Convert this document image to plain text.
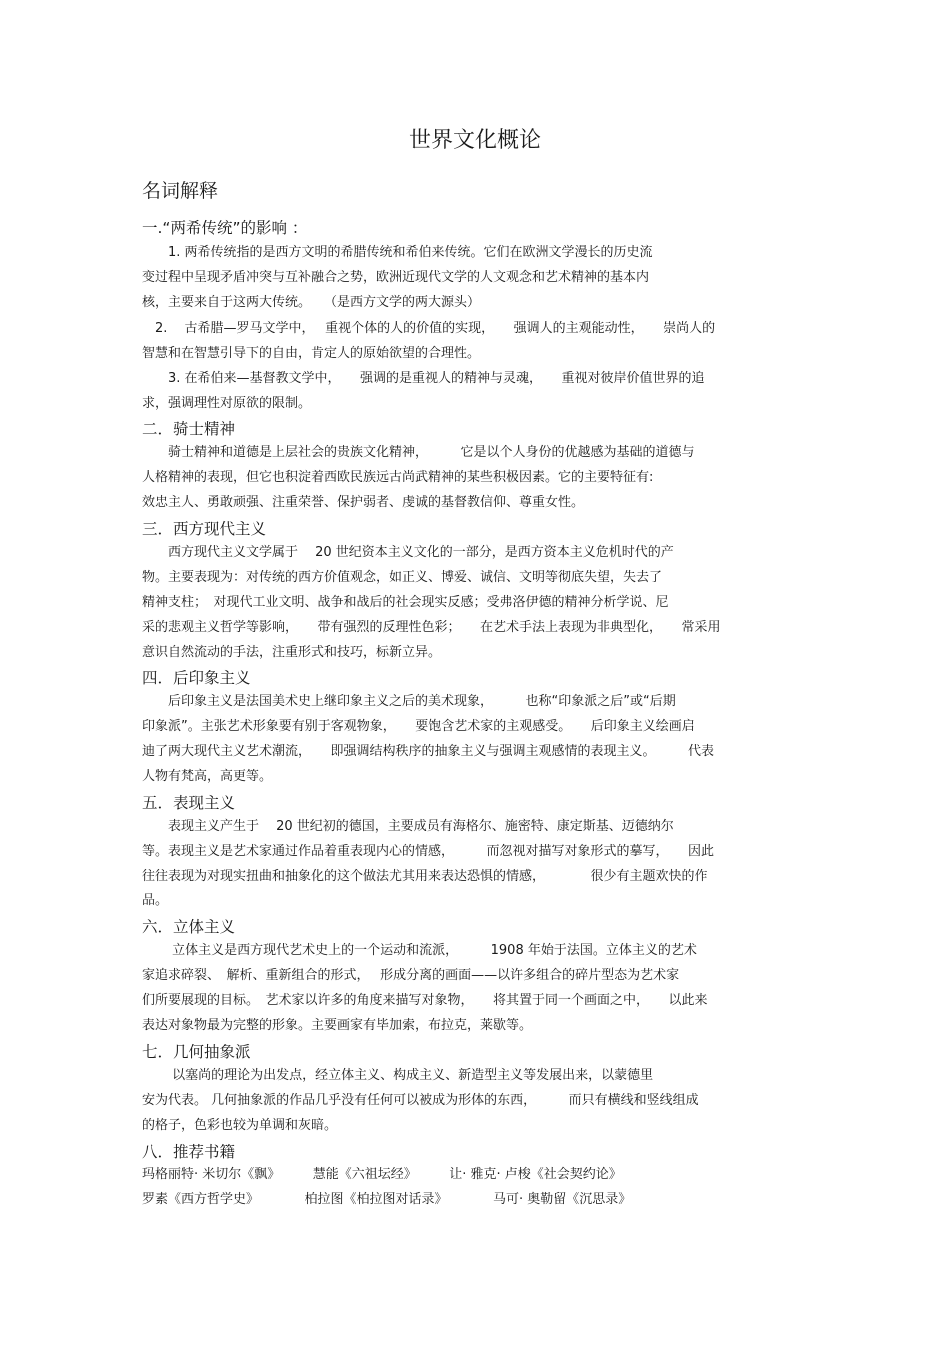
世界文化概论
名词解释
一.“两希传统”的影响 ：
　　1. 两希传统指的是西方文明的希腊传统和希伯来传统。它们在欧洲文学漫长的历史流
变过程中呈现矛盾冲突与互补融合之势，欧洲近现代文学的人文观念和艺术精神的基本内
核，主要来自于这两大传统。　　（是西方文学的两大源头）
　2.　 古希腊—罗马文学中，　 重视个体的人的价值的实现，　　强调人的主观能动性，　　崇尚人的
智慧和在智慧引导下的自由，肯定人的原始欲望的合理性。
　　3. 在希伯来—基督教文学中，　　强调的是重视人的精神与灵魂，　　重视对彼岸价值世界的追
求，强调理性对原欲的限制。
二．骑士精神
　　骑士精神和道德是上层社会的贵族文化精神，　　　它是以个人身份的优越感为基础的道德与
人格精神的表现，但它也积淀着西欧民族远古尚武精神的某些积极因素。它的主要特征有:
效忠主人、勇敢顽强、注重荣誉、保护弱者、虔诚的基督教信仰、尊重女性。
三．西方现代主义
　　西方现代主义文学属于　 20 世纪资本主义文化的一部分，是西方资本主义危机时代的产
物。主要表现为：对传统的西方价值观念，如正义、博爱、诚信、文明等彻底失望，失去了
精神支柱；　对现代工业文明、战争和战后的社会现实反感；受弗洛伊德的精神分析学说、尼
采的悲观主义哲学等影响，　　带有强烈的反理性色彩；　　在艺术手法上表现为非典型化，　　常采用
意识自然流动的手法，注重形式和技巧，标新立异。
四．后印象主义
　　后印象主义是法国美术史上继印象主义之后的美术现象，　　　也称“印象派之后”或“后期
印象派”。主张艺术形象要有别于客观物象，　　要饱含艺术家的主观感受。　　后印象主义绘画启
迪了两大现代主义艺术潮流，　　即强调结构秩序的抽象主义与强调主观感情的表现主义。　　　代表
人物有梵高，高更等。
五．表现主义
　　表现主义产生于　 20 世纪初的德国，主要成员有海格尔、施密特、康定斯基、迈德纳尔
等。表现主义是艺术家通过作品着重表现内心的情感，　　　而忽视对描写对象形式的摹写，　　因此
往往表现为对现实扭曲和抽象化的这个做法尤其用来表达恐惧的情感，　　　　很少有主题欢快的作
品。
六．立体主义
　　 立体主义是西方现代艺术史上的一个运动和流派，　　　1908 年始于法国。立体主义的艺术
家追求碎裂、　解析、重新组合的形式，　 形成分离的画面——以许多组合的碎片型态为艺术家
们所要展现的目标。　艺术家以许多的角度来描写对象物，　　将其置于同一个画面之中，　　以此来
表达对象物最为完整的形象。主要画家有毕加索，布拉克，莱歇等。
七．几何抽象派
　　 以塞尚的理论为出发点，经立体主义、构成主义、新造型主义等发展出来，以蒙德里
安为代表。 几何抽象派的作品几乎没有任何可以被成为形体的东西，　　　而只有横线和竖线组成
的格子，色彩也较为单调和灰暗。
八．推荐书籍
玛格丽特· 米切尔《飘》　　　慧能《六祖坛经》　　　让· 雅克· 卢梭《社会契约论》
罗素《西方哲学史》　　　　柏拉图《柏拉图对话录》　　　　马可· 奥勒留《沉思录》
